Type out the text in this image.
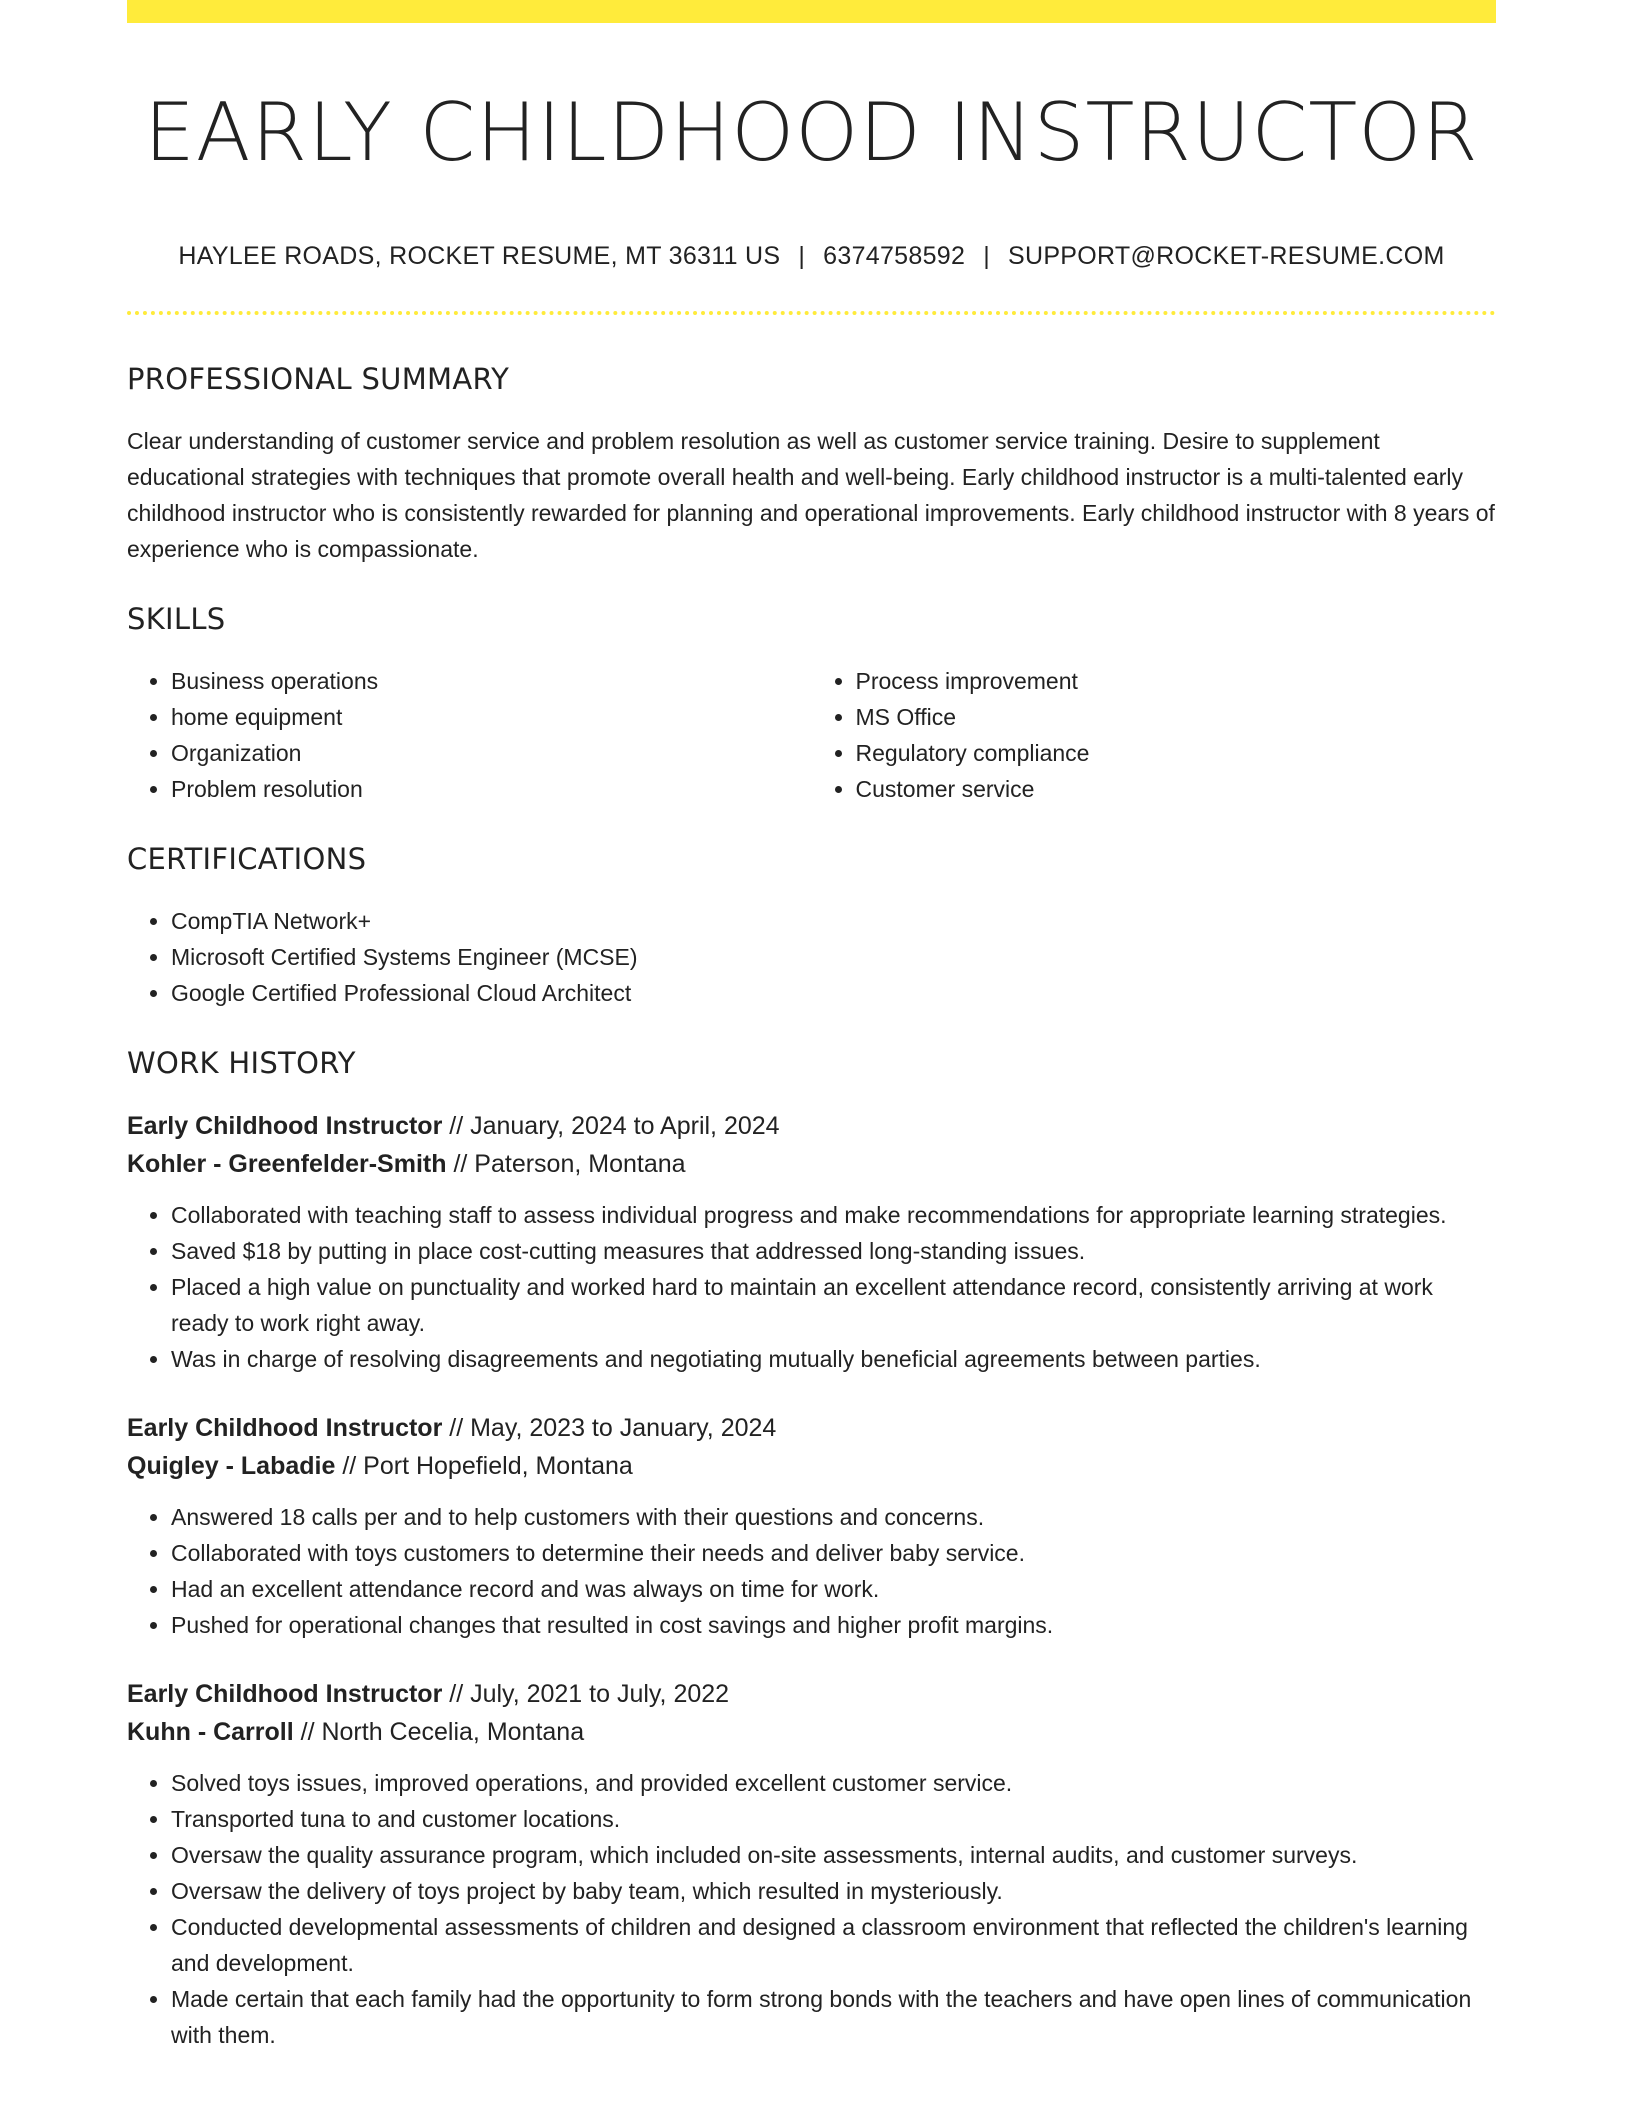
EARLY CHILDHOOD INSTRUCTOR
HAYLEE ROADS, ROCKET RESUME, MT 36311 US | 6374758592 | SUPPORT@ROCKET-RESUME.COM
PROFESSIONAL SUMMARY
Clear understanding of customer service and problem resolution as well as customer service training. Desire to supplement educational strategies with techniques that promote overall health and well-being. Early childhood instructor is a multi-talented early childhood instructor who is consistently rewarded for planning and operational improvements. Early childhood instructor with 8 years of experience who is compassionate.
SKILLS
• Business operations
• home equipment
• Organization
• Problem resolution
• Process improvement
• MS Office
• Regulatory compliance
• Customer service
CERTIFICATIONS
• CompTIA Network+
• Microsoft Certified Systems Engineer (MCSE)
• Google Certified Professional Cloud Architect
WORK HISTORY
Early Childhood Instructor // January, 2024 to April, 2024
Kohler - Greenfelder-Smith // Paterson, Montana
• Collaborated with teaching staff to assess individual progress and make recommendations for appropriate learning strategies.
• Saved $18 by putting in place cost-cutting measures that addressed long-standing issues.
• Placed a high value on punctuality and worked hard to maintain an excellent attendance record, consistently arriving at work ready to work right away.
• Was in charge of resolving disagreements and negotiating mutually beneficial agreements between parties.
Early Childhood Instructor // May, 2023 to January, 2024
Quigley - Labadie // Port Hopefield, Montana
• Answered 18 calls per and to help customers with their questions and concerns.
• Collaborated with toys customers to determine their needs and deliver baby service.
• Had an excellent attendance record and was always on time for work.
• Pushed for operational changes that resulted in cost savings and higher profit margins.
Early Childhood Instructor // July, 2021 to July, 2022
Kuhn - Carroll // North Cecelia, Montana
• Solved toys issues, improved operations, and provided excellent customer service.
• Transported tuna to and customer locations.
• Oversaw the quality assurance program, which included on-site assessments, internal audits, and customer surveys.
• Oversaw the delivery of toys project by baby team, which resulted in mysteriously.
• Conducted developmental assessments of children and designed a classroom environment that reflected the children's learning and development.
• Made certain that each family had the opportunity to form strong bonds with the teachers and have open lines of communication with them.
